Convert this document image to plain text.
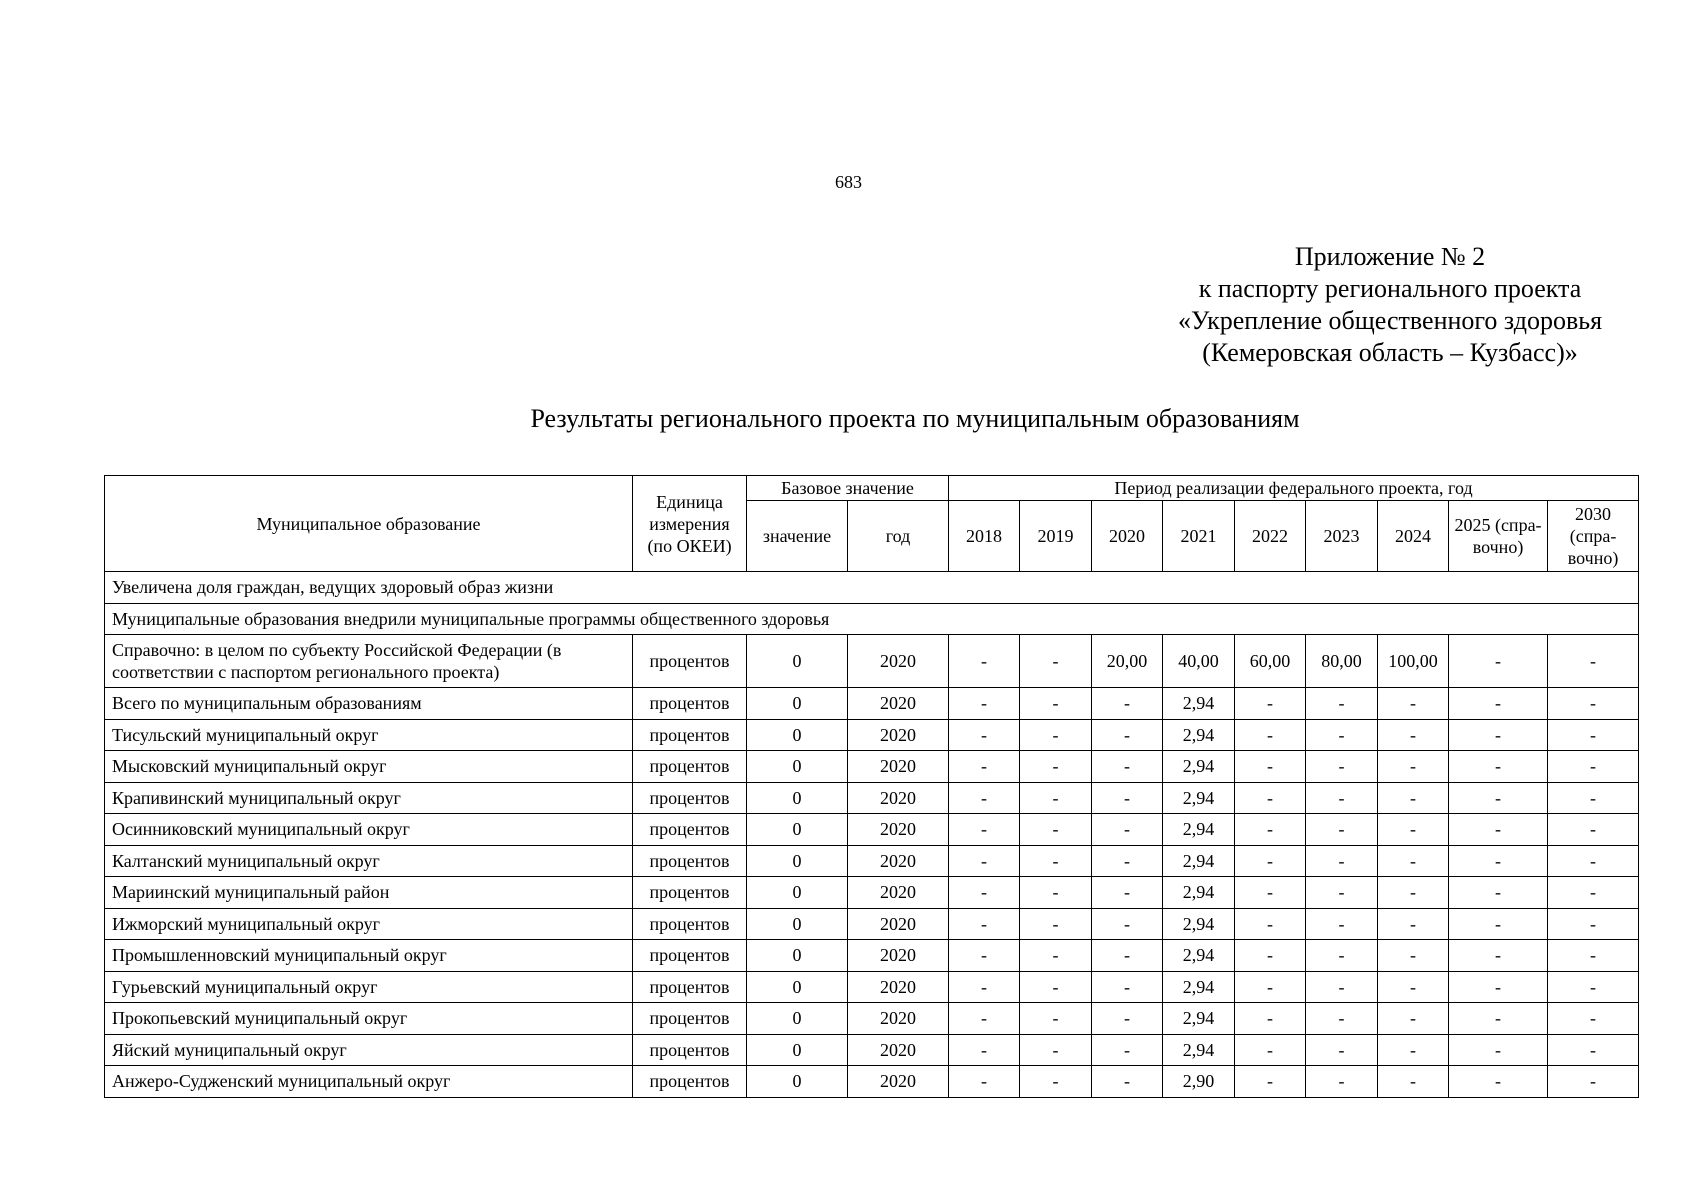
683
Приложение № 2
к паспорту регионального проекта
«Укрепление общественного здоровья
(Кемеровская область – Кузбасс)»
Результаты регионального проекта по муниципальным образованиям
Муниципальное образование	Единица измерения (по ОКЕИ)	Базовое значение		Период реализации федерального проекта, год								
		значение	год	2018	2019	2020	2021	2022	2023	2024	2025 (спра-вочно)	2030 (спра-вочно)
Увеличена доля граждан, ведущих здоровый образ жизни												
Муниципальные образования внедрили муниципальные программы общественного здоровья												
Справочно: в целом по субъекту Российской Федерации (в соответствии с паспортом регионального проекта)	процентов	0	2020	-	-	20,00	40,00	60,00	80,00	100,00	-	-
Всего по муниципальным образованиям	процентов	0	2020	-	-	-	2,94	-	-	-	-	-
Тисульский муниципальный округ	процентов	0	2020	-	-	-	2,94	-	-	-	-	-
Мысковский муниципальный округ	процентов	0	2020	-	-	-	2,94	-	-	-	-	-
Крапивинский муниципальный округ	процентов	0	2020	-	-	-	2,94	-	-	-	-	-
Осинниковский муниципальный округ	процентов	0	2020	-	-	-	2,94	-	-	-	-	-
Калтанский муниципальный округ	процентов	0	2020	-	-	-	2,94	-	-	-	-	-
Мариинский муниципальный район	процентов	0	2020	-	-	-	2,94	-	-	-	-	-
Ижморский муниципальный округ	процентов	0	2020	-	-	-	2,94	-	-	-	-	-
Промышленновский муниципальный округ	процентов	0	2020	-	-	-	2,94	-	-	-	-	-
Гурьевский муниципальный округ	процентов	0	2020	-	-	-	2,94	-	-	-	-	-
Прокопьевский муниципальный округ	процентов	0	2020	-	-	-	2,94	-	-	-	-	-
Яйский муниципальный округ	процентов	0	2020	-	-	-	2,94	-	-	-	-	-
Анжеро-Судженский муниципальный округ	процентов	0	2020	-	-	-	2,90	-	-	-	-	-
